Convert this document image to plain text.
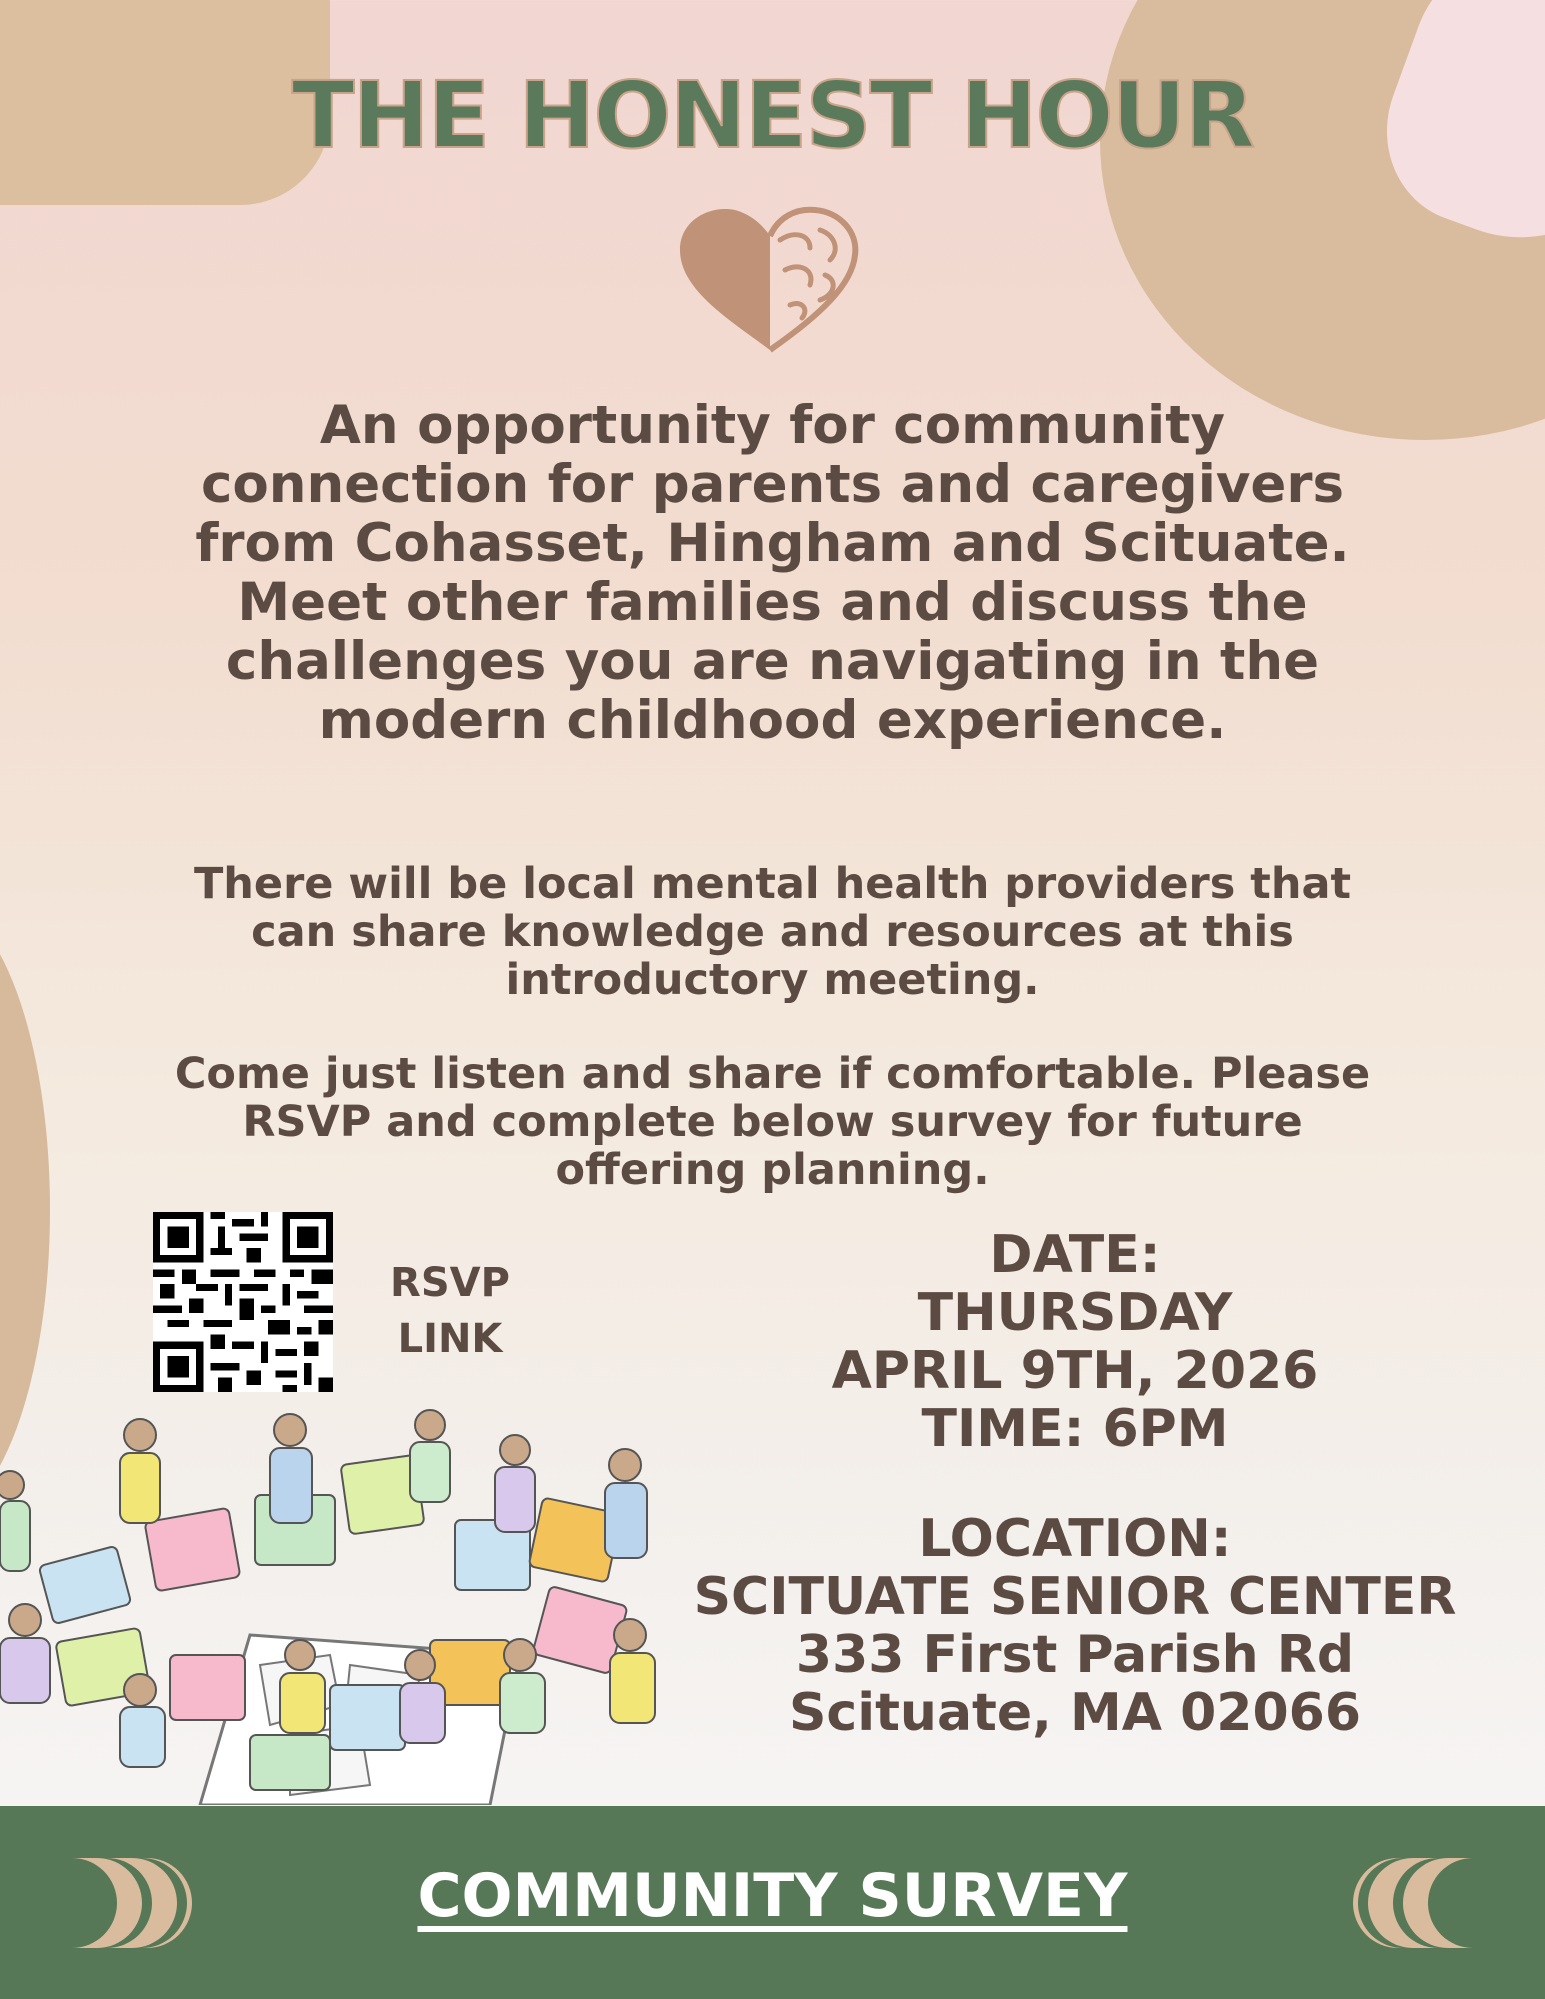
THE HONEST HOUR

An opportunity for community connection for parents and caregivers from Cohasset, Hingham and Scituate. Meet other families and discuss the challenges you are navigating in the modern childhood experience.

There will be local mental health providers that can share knowledge and resources at this introductory meeting.

Come just listen and share if comfortable. Please RSVP and complete below survey for future offering planning.

RSVP
LINK

DATE:
THURSDAY
APRIL 9TH, 2026
TIME: 6PM
LOCATION:
SCITUATE SENIOR CENTER
333 First Parish Rd
Scituate, MA 02066

COMMUNITY SURVEY
